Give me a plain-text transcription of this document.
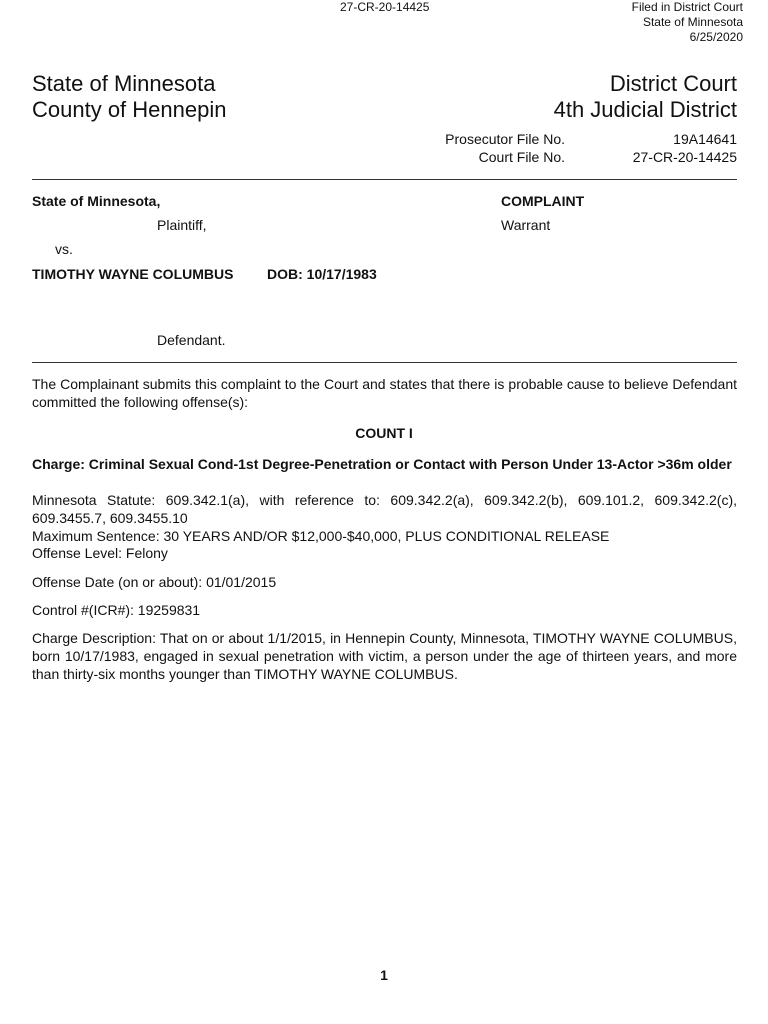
27-CR-20-14425	Filed in District Court
State of Minnesota
6/25/2020
State of Minnesota
County of Hennepin
District Court
4th Judicial District
Prosecutor File No.	19A14641
Court File No.	27-CR-20-14425
State of Minnesota,
Plaintiff,
vs.
TIMOTHY WAYNE COLUMBUS DOB: 10/17/1983
Defendant.
COMPLAINT
Warrant
The Complainant submits this complaint to the Court and states that there is probable cause to believe Defendant committed the following offense(s):
COUNT I
Charge: Criminal Sexual Cond-1st Degree-Penetration or Contact with Person Under 13-Actor >36m older
Minnesota Statute: 609.342.1(a), with reference to: 609.342.2(a), 609.342.2(b), 609.101.2, 609.342.2(c), 609.3455.7, 609.3455.10
Maximum Sentence: 30 YEARS AND/OR $12,000-$40,000, PLUS CONDITIONAL RELEASE
Offense Level: Felony
Offense Date (on or about): 01/01/2015
Control #(ICR#): 19259831
Charge Description: That on or about 1/1/2015, in Hennepin County, Minnesota, TIMOTHY WAYNE COLUMBUS, born 10/17/1983, engaged in sexual penetration with victim, a person under the age of thirteen years, and more than thirty-six months younger than TIMOTHY WAYNE COLUMBUS.
1
